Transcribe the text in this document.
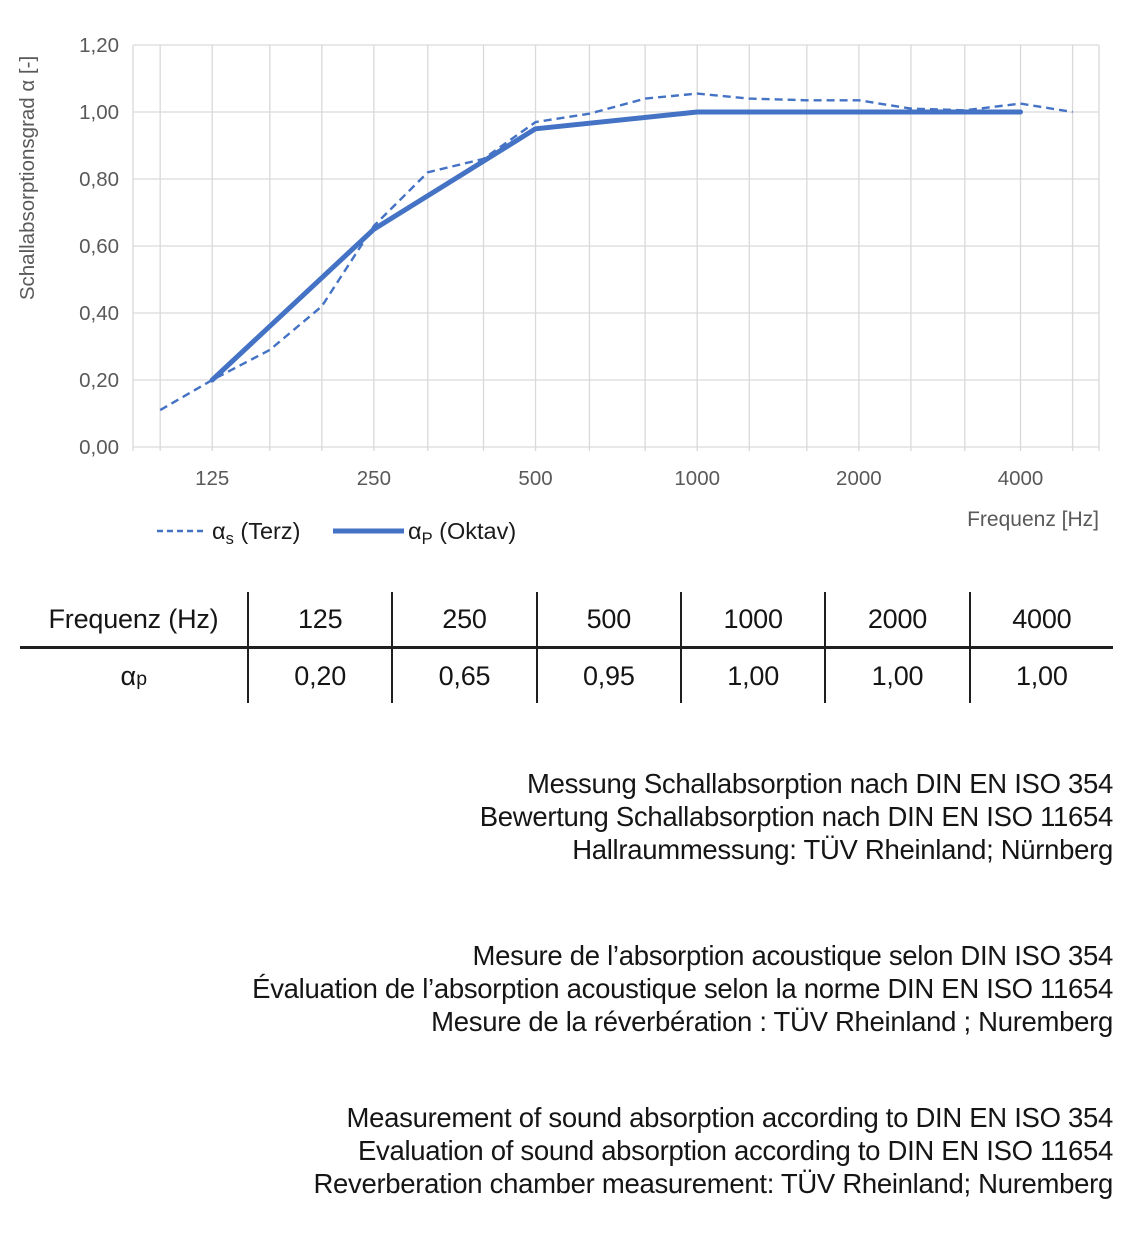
0,00
0,20
0,40
0,60
0,80
1,00
1,20
125	250	500	1000	2000	4000
Schallabsorptionsgrad α [-]
Frequenz [Hz]
$\alpha_s$ (Terz)	$\alpha_P$ (Oktav)
Frequenz (Hz)	125	250	500	1000	2000	4000
$\alpha_p$	0,20	0,65	0,95	1,00	1,00	1,00
Messung Schallabsorption nach DIN EN ISO 354
Bewertung Schallabsorption nach DIN EN ISO 11654
Hallraummessung: TÜV Rheinland; Nürnberg
Mesure de l’absorption acoustique selon DIN ISO 354
Évaluation de l’absorption acoustique selon la norme DIN EN ISO 11654
Mesure de la réverbération : TÜV Rheinland ; Nuremberg
Measurement of sound absorption according to DIN EN ISO 354
Evaluation of sound absorption according to DIN EN ISO 11654
Reverberation chamber measurement: TÜV Rheinland; Nuremberg
